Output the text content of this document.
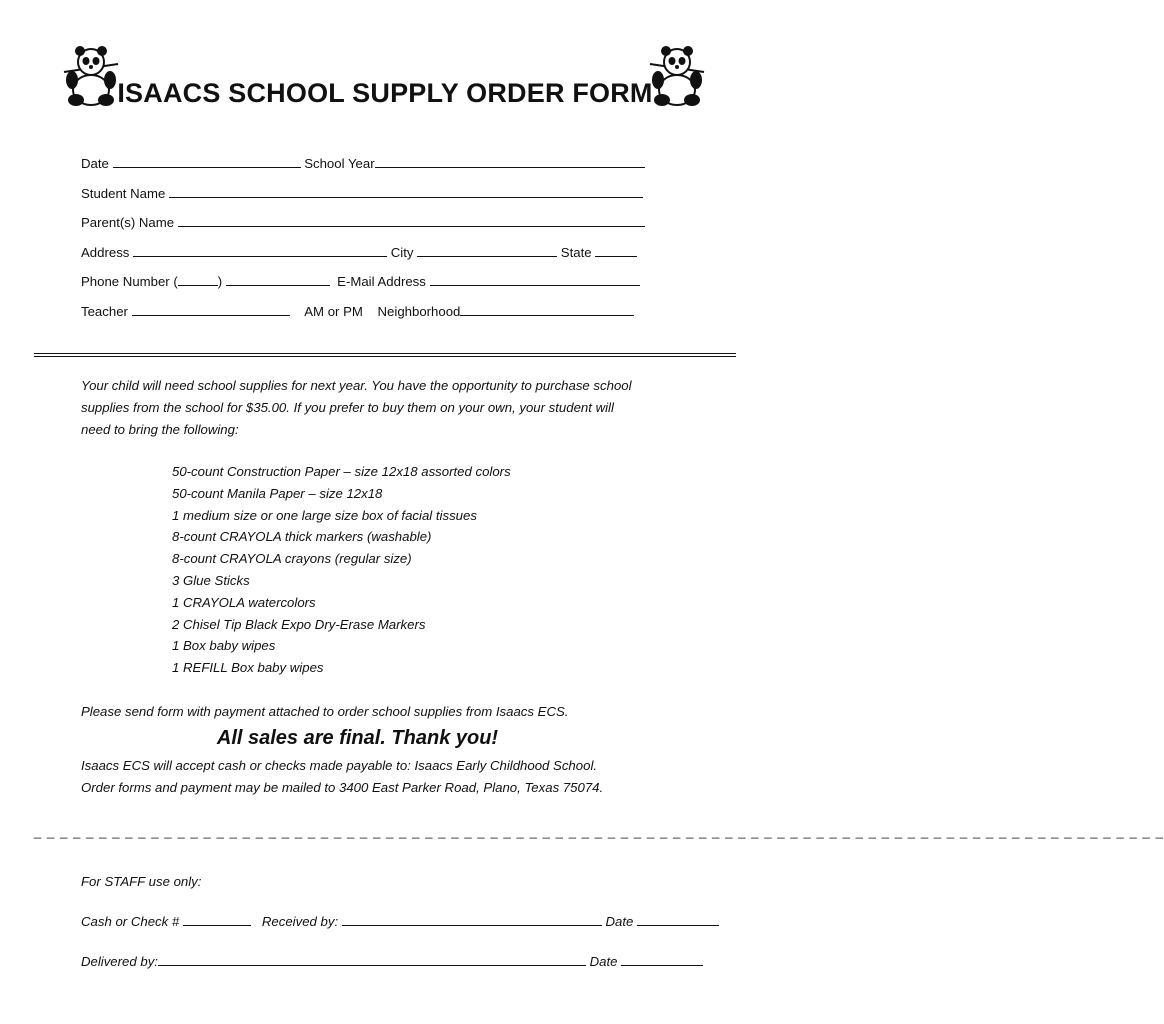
ISAACS SCHOOL SUPPLY ORDER FORM
Date	School Year
Student Name
Parent(s) Name
Address	City	State
Phone Number (	)	E-Mail Address
Teacher	AM or PM Neighborhood
Your child will need school supplies for next year. You have the opportunity to purchase school
supplies from the school for $35.00. If you prefer to buy them on your own, your student will
need to bring the following:
50-count Construction Paper – size 12x18 assorted colors
50-count Manila Paper – size 12x18
1 medium size or one large size box of facial tissues
8-count CRAYOLA thick markers (washable)
8-count CRAYOLA crayons (regular size)
3 Glue Sticks
1 CRAYOLA watercolors
2 Chisel Tip Black Expo Dry-Erase Markers
1 Box baby wipes
1 REFILL Box baby wipes
Please send form with payment attached to order school supplies from Isaacs ECS.
All sales are final. Thank you!
Isaacs ECS will accept cash or checks made payable to: Isaacs Early Childhood School.
Order forms and payment may be mailed to 3400 East Parker Road, Plano, Texas 75074.
_ _ _ _ _ _ _ _ _ _ _ _ _ _ _ _ _ _ _ _ _ _ _ _ _ _ _ _ _ _ _ _ _ _ _ _ _ _ _ _ _ _ _ _ _ _ _ _ _ _ _ _ _ _ _ _ _ _ _ _ _ _ _ _ _ _ _ _ _ _ _ _ _ _ _ _ _ _ _ _ _ _ _ _ _ _ _
For STAFF use only:
Cash or Check #	Received by:	Date
Delivered by:	Date
